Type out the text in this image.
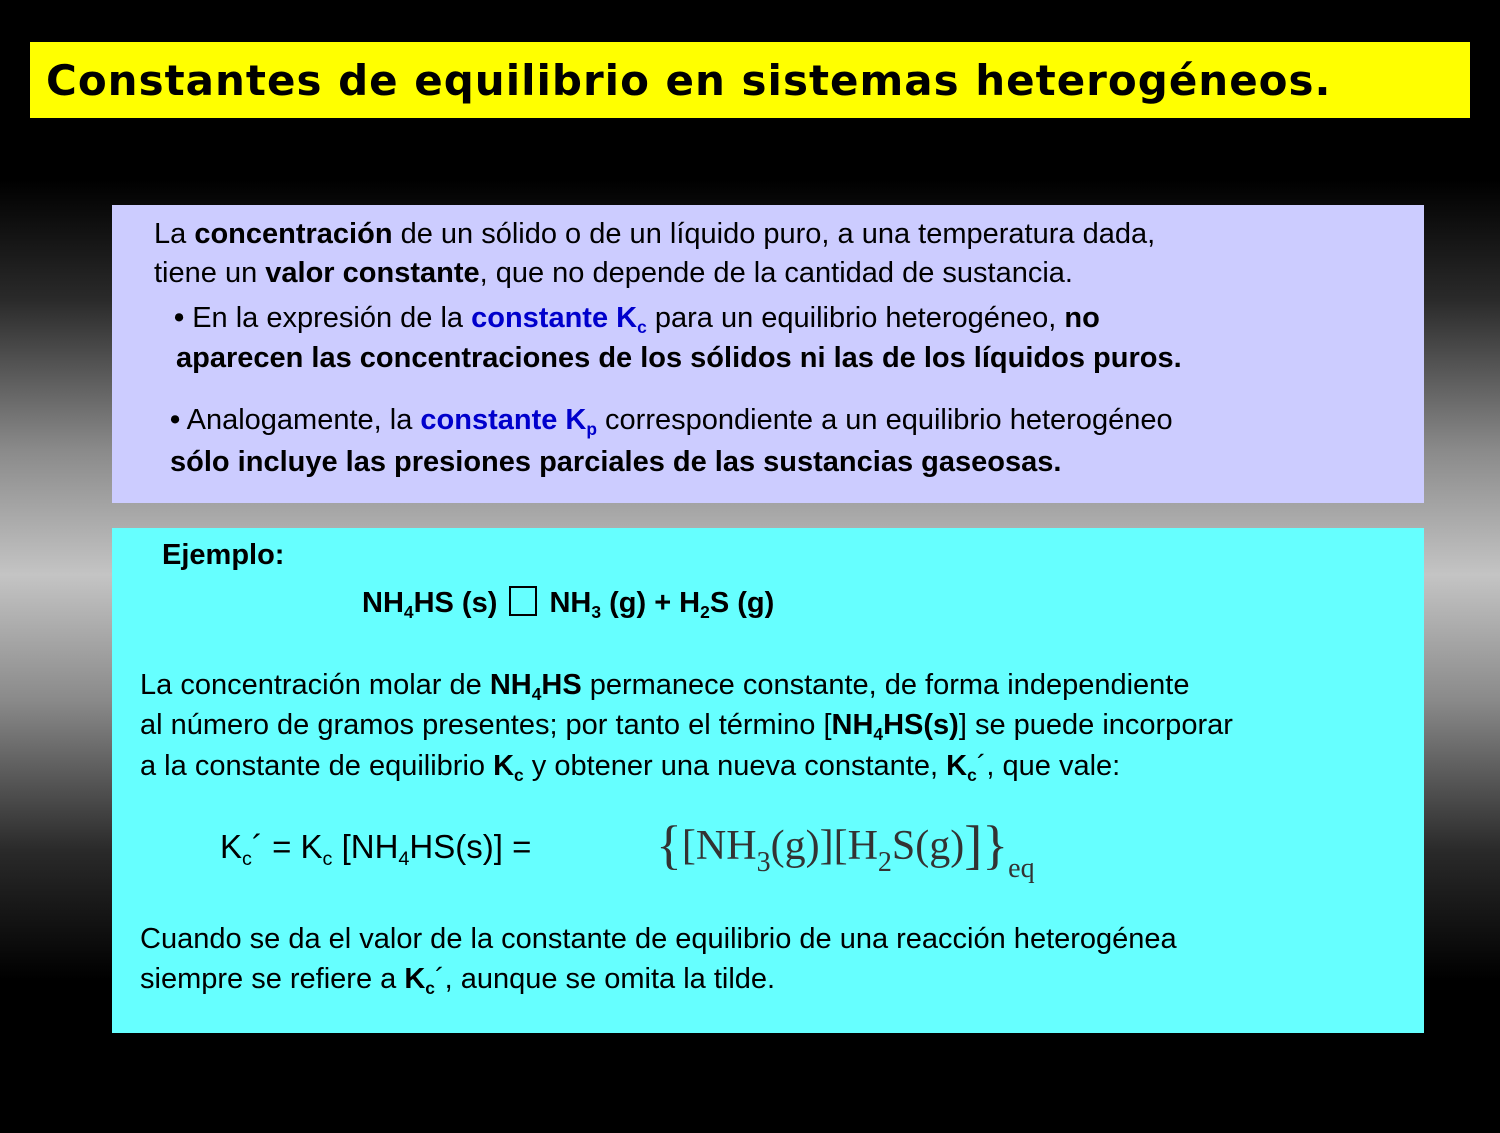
Constantes de equilibrio en sistemas heterogéneos.
La concentración de un sólido o de un líquido puro, a una temperatura dada,
tiene un valor constante, que no depende de la cantidad de sustancia.
• En la expresión de la constante $K_c$ para un equilibrio heterogéneo, no
aparecen las concentraciones de los sólidos ni las de los líquidos puros.
• Analogamente, la constante $K_p$ correspondiente a un equilibrio heterogéneo
sólo incluye las presiones parciales de las sustancias gaseosas.
Ejemplo:
$NH_4HS$ (s) $NH_3$ $(g) + H_2S$ (g)
La concentración molar de $NH_4HS$ permanece constante, de forma independiente
al número de gramos presentes; por tanto el término $[NH_4HS(s)]$ se puede incorporar
a la constante de equilibrio $K_c$ y obtener una nueva constante, $K_c´$, que vale:
$K_c´ = K_c$ $[NH_4HS(s)] = \{[NH_3(g)][H_2S(g)]\}_{eq}$
Cuando se da el valor de la constante de equilibrio de una reacción heterogénea
siempre se refiere a $K_c´$, aunque se omita la tilde.
